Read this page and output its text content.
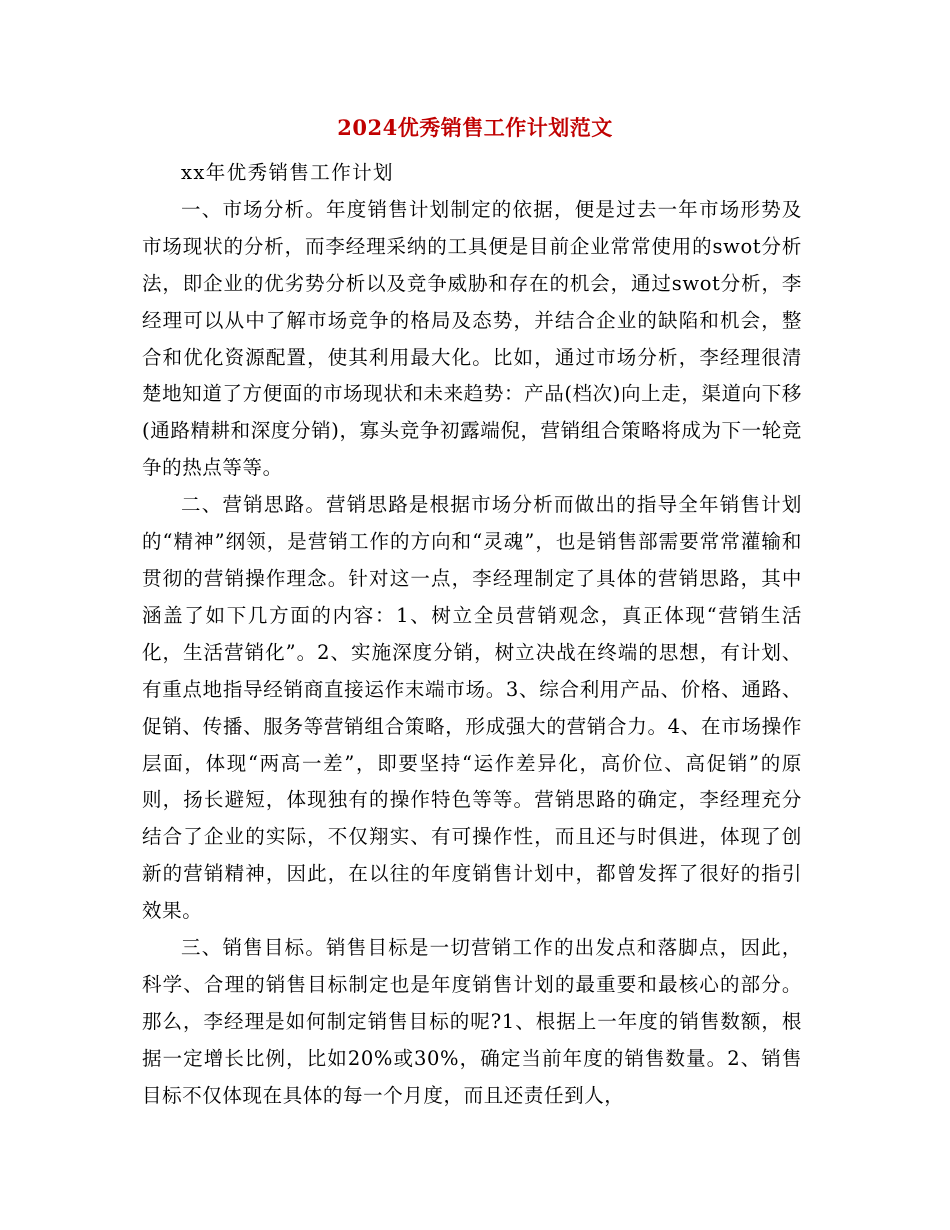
2024优秀销售工作计划范文

xx年优秀销售工作计划

一、市场分析。年度销售计划制定的依据，便是过去一年市场形势及市场现状的分析，而李经理采纳的工具便是目前企业常常使用的swot分析法，即企业的优劣势分析以及竞争威胁和存在的机会，通过swot分析，李经理可以从中了解市场竞争的格局及态势，并结合企业的缺陷和机会，整合和优化资源配置，使其利用最大化。比如，通过市场分析，李经理很清楚地知道了方便面的市场现状和未来趋势：产品(档次)向上走，渠道向下移(通路精耕和深度分销)，寡头竞争初露端倪，营销组合策略将成为下一轮竞争的热点等等。

二、营销思路。营销思路是根据市场分析而做出的指导全年销售计划的“精神”纲领，是营销工作的方向和“灵魂”，也是销售部需要常常灌输和贯彻的营销操作理念。针对这一点，李经理制定了具体的营销思路，其中涵盖了如下几方面的内容：1、树立全员营销观念，真正体现“营销生活化，生活营销化”。2、实施深度分销，树立决战在终端的思想，有计划、有重点地指导经销商直接运作末端市场。3、综合利用产品、价格、通路、促销、传播、服务等营销组合策略，形成强大的营销合力。4、在市场操作层面，体现“两高一差”，即要坚持“运作差异化，高价位、高促销”的原则，扬长避短，体现独有的操作特色等等。营销思路的确定，李经理充分结合了企业的实际，不仅翔实、有可操作性，而且还与时俱进，体现了创新的营销精神，因此，在以往的年度销售计划中，都曾发挥了很好的指引效果。

三、销售目标。销售目标是一切营销工作的出发点和落脚点，因此，科学、合理的销售目标制定也是年度销售计划的最重要和最核心的部分。那么，李经理是如何制定销售目标的呢?1、根据上一年度的销售数额，根据一定增长比例，比如20%或30%，确定当前年度的销售数量。2、销售目标不仅体现在具体的每一个月度，而且还责任到人，
